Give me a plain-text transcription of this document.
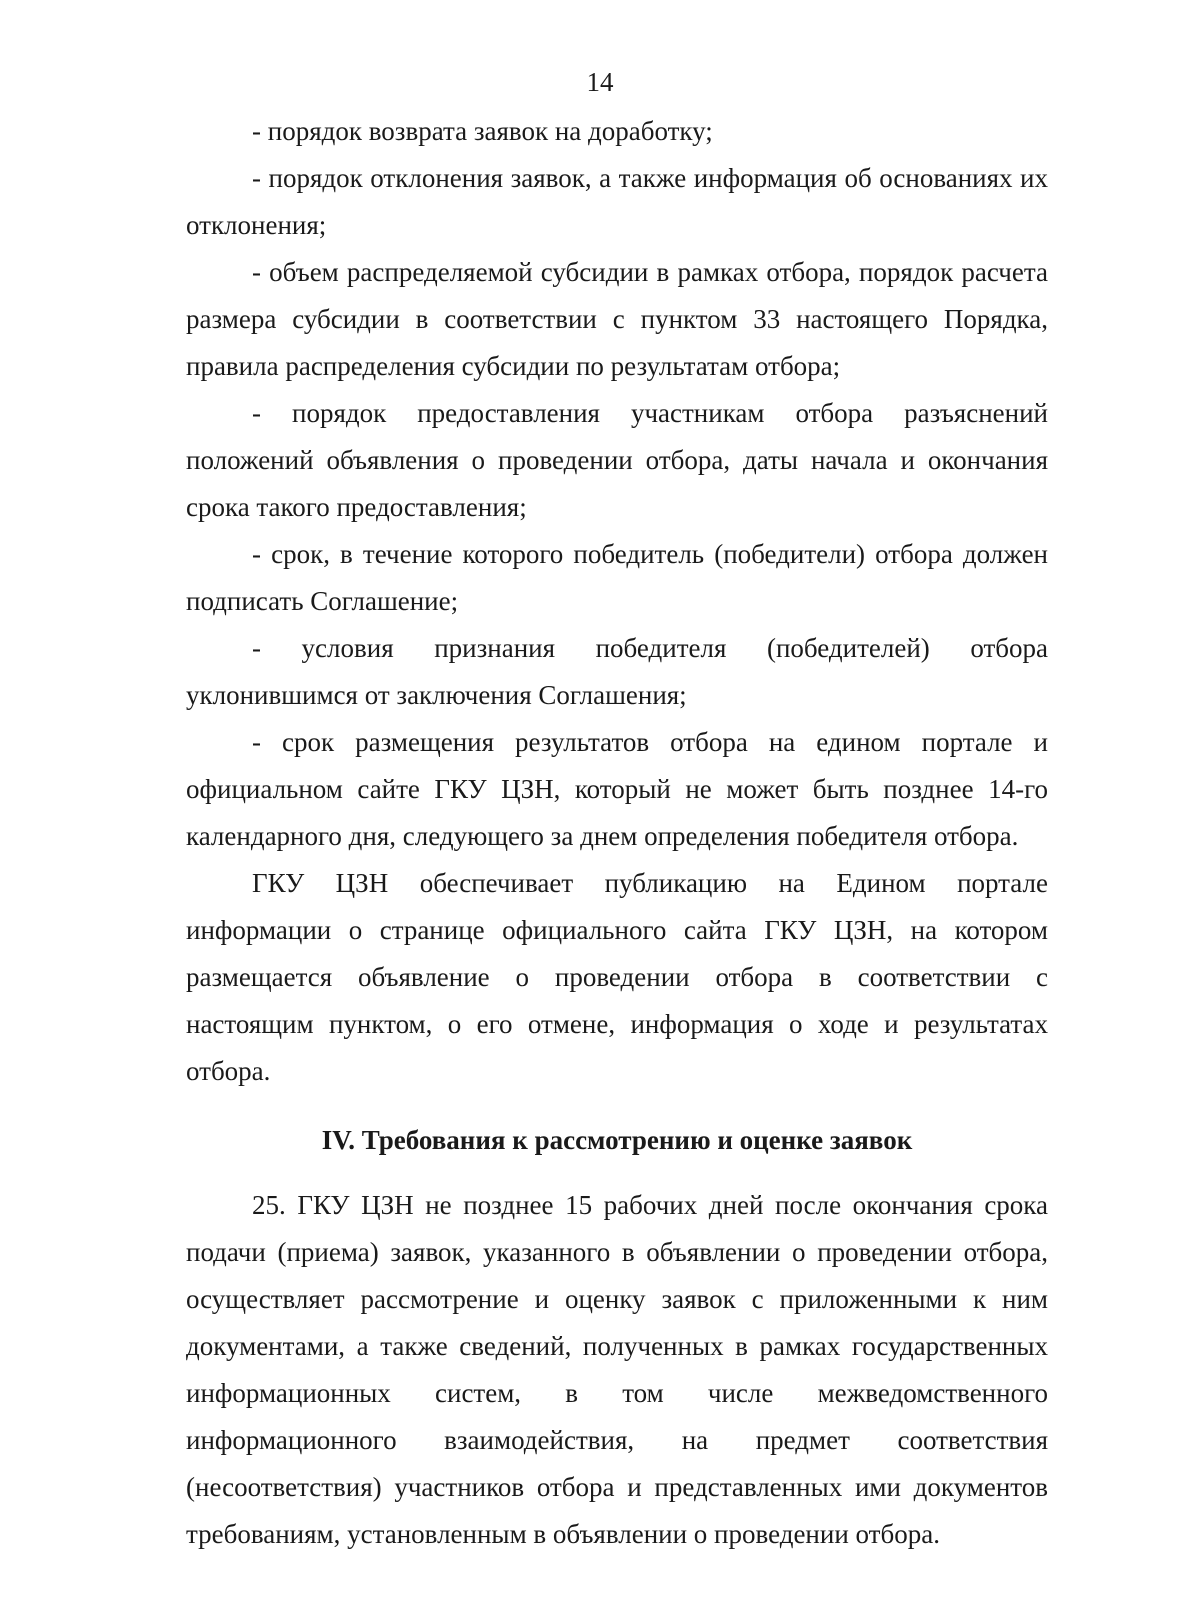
14

- порядок возврата заявок на доработку;

- порядок отклонения заявок, а также информация об основаниях их отклонения;

- объем распределяемой субсидии в рамках отбора, порядок расчета размера субсидии в соответствии с пунктом 33 настоящего Порядка, правила распределения субсидии по результатам отбора;

- порядок предоставления участникам отбора разъяснений положений объявления о проведении отбора, даты начала и окончания срока такого предоставления;

- срок, в течение которого победитель (победители) отбора должен подписать Соглашение;

- условия признания победителя (победителей) отбора уклонившимся от заключения Соглашения;

- срок размещения результатов отбора на едином портале и официальном сайте ГКУ ЦЗН, который не может быть позднее 14-го календарного дня, следующего за днем определения победителя отбора.

ГКУ ЦЗН обеспечивает публикацию на Едином портале информации о странице официального сайта ГКУ ЦЗН, на котором размещается объявление о проведении отбора в соответствии с настоящим пунктом, о его отмене, информация о ходе и результатах отбора.

IV. Требования к рассмотрению и оценке заявок

25. ГКУ ЦЗН не позднее 15 рабочих дней после окончания срока подачи (приема) заявок, указанного в объявлении о проведении отбора, осуществляет рассмотрение и оценку заявок с приложенными к ним документами, а также сведений, полученных в рамках государственных информационных систем, в том числе межведомственного информационного взаимодействия, на предмет соответствия (несоответствия) участников отбора и представленных ими документов требованиям, установленным в объявлении о проведении отбора.
